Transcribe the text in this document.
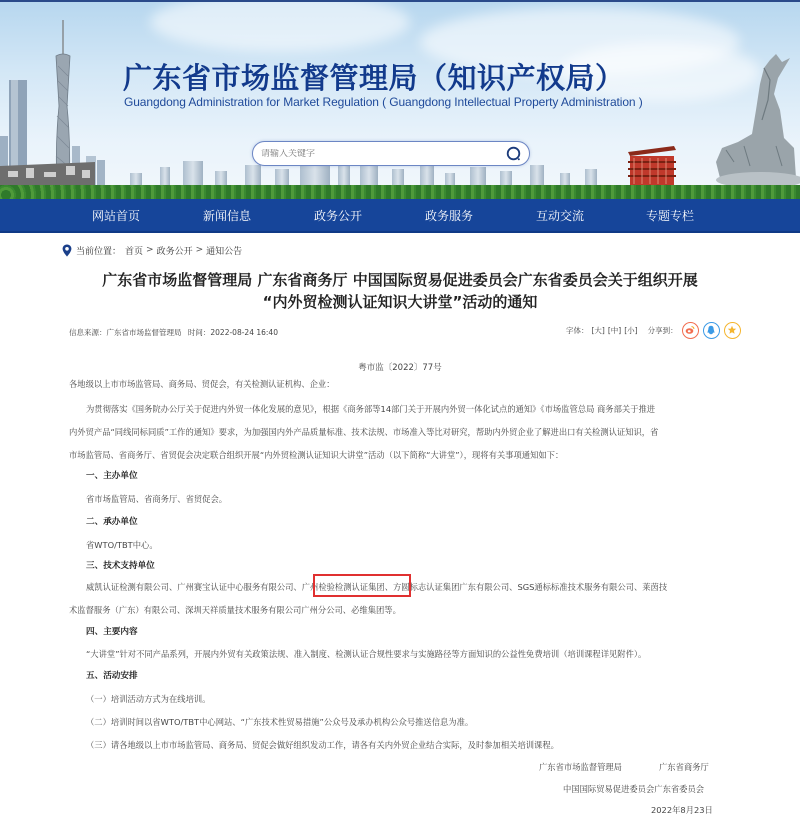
广东省市场监督管理局（知识产权局）
Guangdong Administration for Market Regulation ( Guangdong Intellectual Property Administration )
请输入关键字
网站首页	新闻信息	政务公开	政务服务	互动交流	专题专栏
当前位置： 首页 > 政务公开 > 通知公告
广东省市场监督管理局 广东省商务厅 中国国际贸易促进委员会广东省委员会关于组织开展
“内外贸检测认证知识大讲堂”活动的通知
信息来源：广东省市场监督管理局 时间：2022-08-24 16:40	字体： [大] [中] [小] 分享到：
粤市监〔2022〕77号
各地级以上市市场监管局、商务局、贸促会，有关检测认证机构、企业：
为贯彻落实《国务院办公厅关于促进内外贸一体化发展的意见》，根据《商务部等14部门关于开展内外贸一体化试点的通知》《市场监管总局 商务部关于推进
内外贸产品“同线同标同质”工作的通知》要求，为加强国内外产品质量标准、技术法规、市场准入等比对研究，帮助内外贸企业了解进出口有关检测认证知识，省
市场监管局、省商务厅、省贸促会决定联合组织开展“内外贸检测认证知识大讲堂”活动（以下简称“大讲堂”），现将有关事项通知如下：
一、主办单位
省市场监管局、省商务厅、省贸促会。
二、承办单位
省WTO/TBT中心。
三、技术支持单位
威凯认证检测有限公司、广州赛宝认证中心服务有限公司、广州检验检测认证集团、方圆标志认证集团广东有限公司、SGS通标标准技术服务有限公司、莱茵技
术监督服务（广东）有限公司、深圳天祥质量技术服务有限公司广州分公司、必维集团等。
四、主要内容
“大讲堂”针对不同产品系列，开展内外贸有关政策法规、准入制度、检测认证合规性要求与实施路径等方面知识的公益性免费培训（培训课程详见附件）。
五、活动安排
（一）培训活动方式为在线培训。
（二）培训时间以省WTO/TBT中心网站、“广东技术性贸易措施”公众号及承办机构公众号推送信息为准。
（三）请各地级以上市市场监管局、商务局、贸促会做好组织发动工作，请各有关内外贸企业结合实际，及时参加相关培训课程。
广东省市场监督管理局	广东省商务厅
中国国际贸易促进委员会广东省委员会
2022年8月23日
